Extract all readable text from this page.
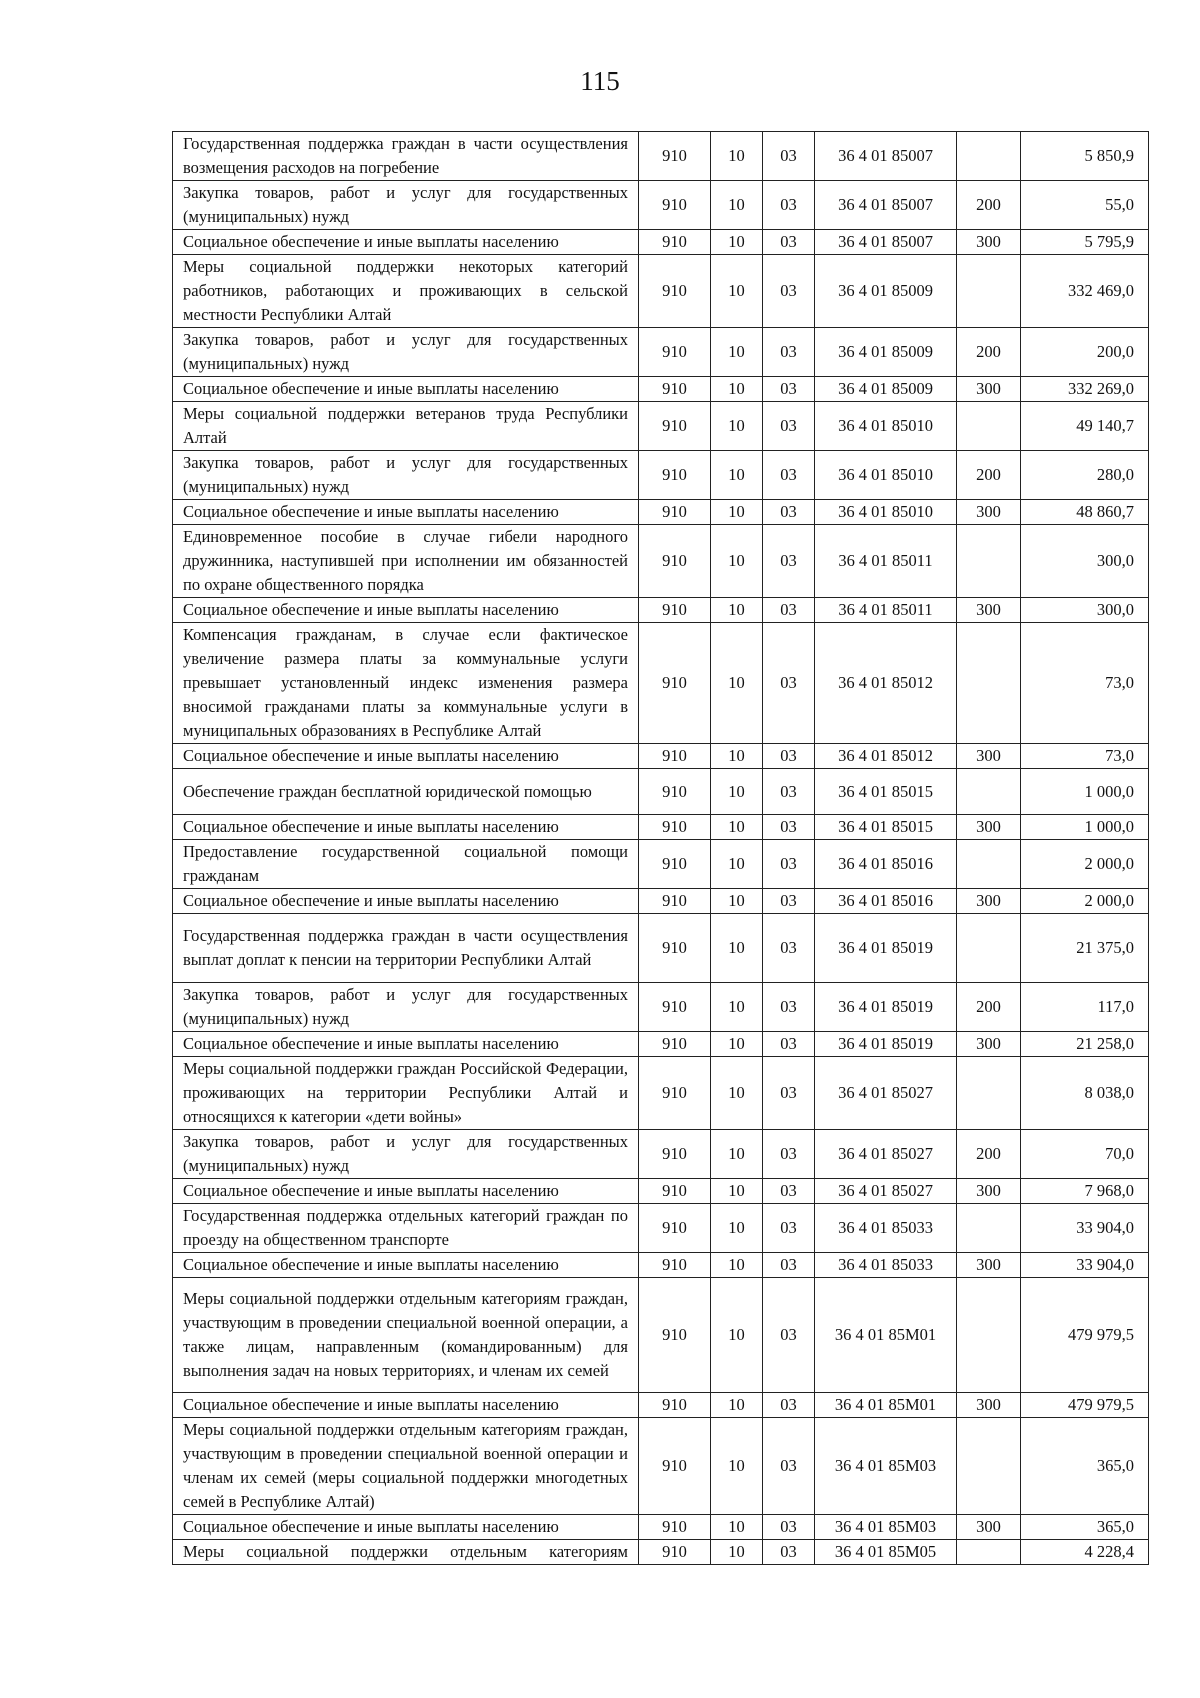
115
Государственная поддержка граждан в части осуществления возмещения расходов на погребение	910	10	03	36 4 01 85007		5 850,9
Закупка товаров, работ и услуг для государственных (муниципальных) нужд	910	10	03	36 4 01 85007	200	55,0
Социальное обеспечение и иные выплаты населению	910	10	03	36 4 01 85007	300	5 795,9
Меры социальной поддержки некоторых категорий работников, работающих и проживающих в сельской местности Республики Алтай	910	10	03	36 4 01 85009		332 469,0
Закупка товаров, работ и услуг для государственных (муниципальных) нужд	910	10	03	36 4 01 85009	200	200,0
Социальное обеспечение и иные выплаты населению	910	10	03	36 4 01 85009	300	332 269,0
Меры социальной поддержки ветеранов труда Республики Алтай	910	10	03	36 4 01 85010		49 140,7
Закупка товаров, работ и услуг для государственных (муниципальных) нужд	910	10	03	36 4 01 85010	200	280,0
Социальное обеспечение и иные выплаты населению	910	10	03	36 4 01 85010	300	48 860,7
Единовременное пособие в случае гибели народного дружинника, наступившей при исполнении им обязанностей по охране общественного порядка	910	10	03	36 4 01 85011		300,0
Социальное обеспечение и иные выплаты населению	910	10	03	36 4 01 85011	300	300,0
Компенсация гражданам, в случае если фактическое увеличение размера платы за коммунальные услуги превышает установленный индекс изменения размера вносимой гражданами платы за коммунальные услуги в муниципальных образованиях в Республике Алтай	910	10	03	36 4 01 85012		73,0
Социальное обеспечение и иные выплаты населению	910	10	03	36 4 01 85012	300	73,0
Обеспечение граждан бесплатной юридической помощью	910	10	03	36 4 01 85015		1 000,0
Социальное обеспечение и иные выплаты населению	910	10	03	36 4 01 85015	300	1 000,0
Предоставление государственной социальной помощи гражданам	910	10	03	36 4 01 85016		2 000,0
Социальное обеспечение и иные выплаты населению	910	10	03	36 4 01 85016	300	2 000,0
Государственная поддержка граждан в части осуществления выплат доплат к пенсии на территории Республики Алтай	910	10	03	36 4 01 85019		21 375,0
Закупка товаров, работ и услуг для государственных (муниципальных) нужд	910	10	03	36 4 01 85019	200	117,0
Социальное обеспечение и иные выплаты населению	910	10	03	36 4 01 85019	300	21 258,0
Меры социальной поддержки граждан Российской Федерации, проживающих на территории Республики Алтай и относящихся к категории «дети войны»	910	10	03	36 4 01 85027		8 038,0
Закупка товаров, работ и услуг для государственных (муниципальных) нужд	910	10	03	36 4 01 85027	200	70,0
Социальное обеспечение и иные выплаты населению	910	10	03	36 4 01 85027	300	7 968,0
Государственная поддержка отдельных категорий граждан по проезду на общественном транспорте	910	10	03	36 4 01 85033		33 904,0
Социальное обеспечение и иные выплаты населению	910	10	03	36 4 01 85033	300	33 904,0
Меры социальной поддержки отдельным категориям граждан, участвующим в проведении специальной военной операции, а также лицам, направленным (командированным) для выполнения задач на новых территориях, и членам их семей	910	10	03	36 4 01 85М01		479 979,5
Социальное обеспечение и иные выплаты населению	910	10	03	36 4 01 85М01	300	479 979,5
Меры социальной поддержки отдельным категориям граждан, участвующим в проведении специальной военной операции и членам их семей (меры социальной поддержки многодетных семей в Республике Алтай)	910	10	03	36 4 01 85М03		365,0
Социальное обеспечение и иные выплаты населению	910	10	03	36 4 01 85М03	300	365,0
Меры социальной поддержки отдельным категориям	910	10	03	36 4 01 85М05		4 228,4
